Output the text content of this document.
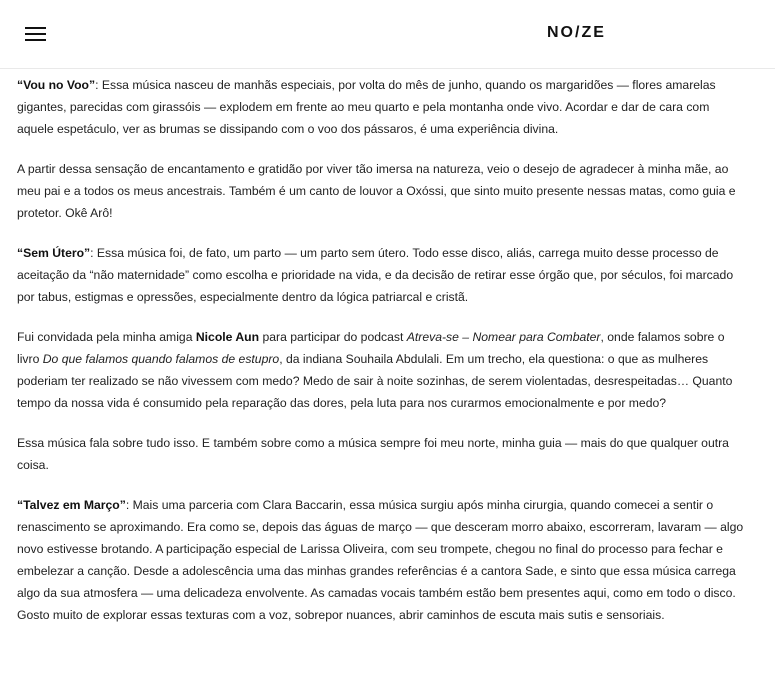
NO/ZE

“Vou no Voo”: Essa música nasceu de manhãs especiais, por volta do mês de junho, quando os margaridões — flores amarelas gigantes, parecidas com girassóis — explodem em frente ao meu quarto e pela montanha onde vivo. Acordar e dar de cara com aquele espetáculo, ver as brumas se dissipando com o voo dos pássaros, é uma experiência divina.

A partir dessa sensação de encantamento e gratidão por viver tão imersa na natureza, veio o desejo de agradecer à minha mãe, ao meu pai e a todos os meus ancestrais. Também é um canto de louvor a Oxóssi, que sinto muito presente nessas matas, como guia e protetor. Okê Arô!

“Sem Útero”: Essa música foi, de fato, um parto — um parto sem útero. Todo esse disco, aliás, carrega muito desse processo de aceitação da “não maternidade” como escolha e prioridade na vida, e da decisão de retirar esse órgão que, por séculos, foi marcado por tabus, estigmas e opressões, especialmente dentro da lógica patriarcal e cristã.

Fui convidada pela minha amiga Nicole Aun para participar do podcast Atreva-se – Nomear para Combater, onde falamos sobre o livro Do que falamos quando falamos de estupro, da indiana Souhaila Abdulali. Em um trecho, ela questiona: o que as mulheres poderiam ter realizado se não vivessem com medo? Medo de sair à noite sozinhas, de serem violentadas, desrespeitadas… Quanto tempo da nossa vida é consumido pela reparação das dores, pela luta para nos curarmos emocionalmente e por medo?

Essa música fala sobre tudo isso. E também sobre como a música sempre foi meu norte, minha guia — mais do que qualquer outra coisa.

“Talvez em Março”: Mais uma parceria com Clara Baccarin, essa música surgiu após minha cirurgia, quando comecei a sentir o renascimento se aproximando. Era como se, depois das águas de março — que desceram morro abaixo, escorreram, lavaram — algo novo estivesse brotando. A participação especial de Larissa Oliveira, com seu trompete, chegou no final do processo para fechar e embelezar a canção. Desde a adolescência uma das minhas grandes referências é a cantora Sade, e sinto que essa música carrega algo da sua atmosfera — uma delicadeza envolvente. As camadas vocais também estão bem presentes aqui, como em todo o disco. Gosto muito de explorar essas texturas com a voz, sobrepor nuances, abrir caminhos de escuta mais sutis e sensoriais.
